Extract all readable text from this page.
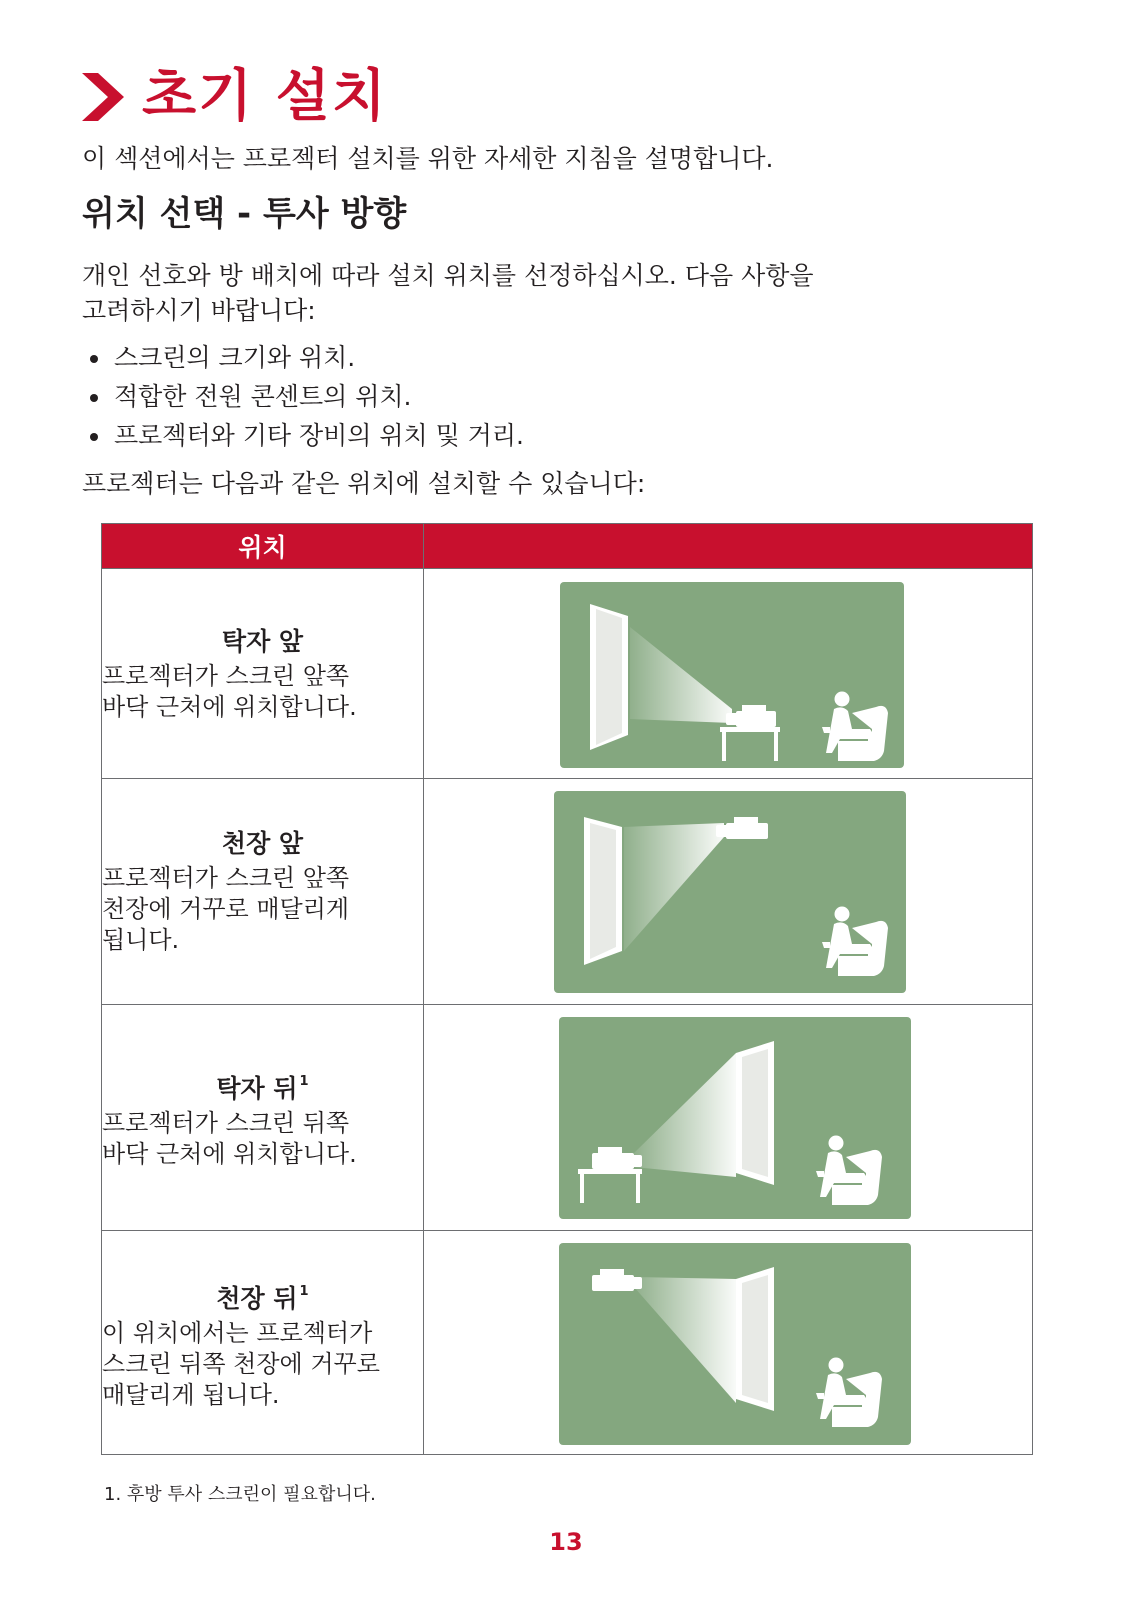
초기 설치
이 섹션에서는 프로젝터 설치를 위한 자세한 지침을 설명합니다.
위치 선택 - 투사 방향
개인 선호와 방 배치에 따라 설치 위치를 선정하십시오. 다음 사항을
고려하시기 바랍니다:
스크린의 크기와 위치.
적합한 전원 콘센트의 위치.
프로젝터와 기타 장비의 위치 및 거리.
프로젝터는 다음과 같은 위치에 설치할 수 있습니다:
위치	

탁자 앞
프로젝터가 스크린 앞쪽
바닥 근처에 위치합니다.

천장 앞
프로젝터가 스크린 앞쪽
천장에 거꾸로 매달리게
됩니다.

탁자 뒤 $^1$
프로젝터가 스크린 뒤쪽
바닥 근처에 위치합니다.

천장 뒤 $^1$
이 위치에서는 프로젝터가
스크린 뒤쪽 천장에 거꾸로
매달리게 됩니다.

1. 후방 투사 스크린이 필요합니다.
13
